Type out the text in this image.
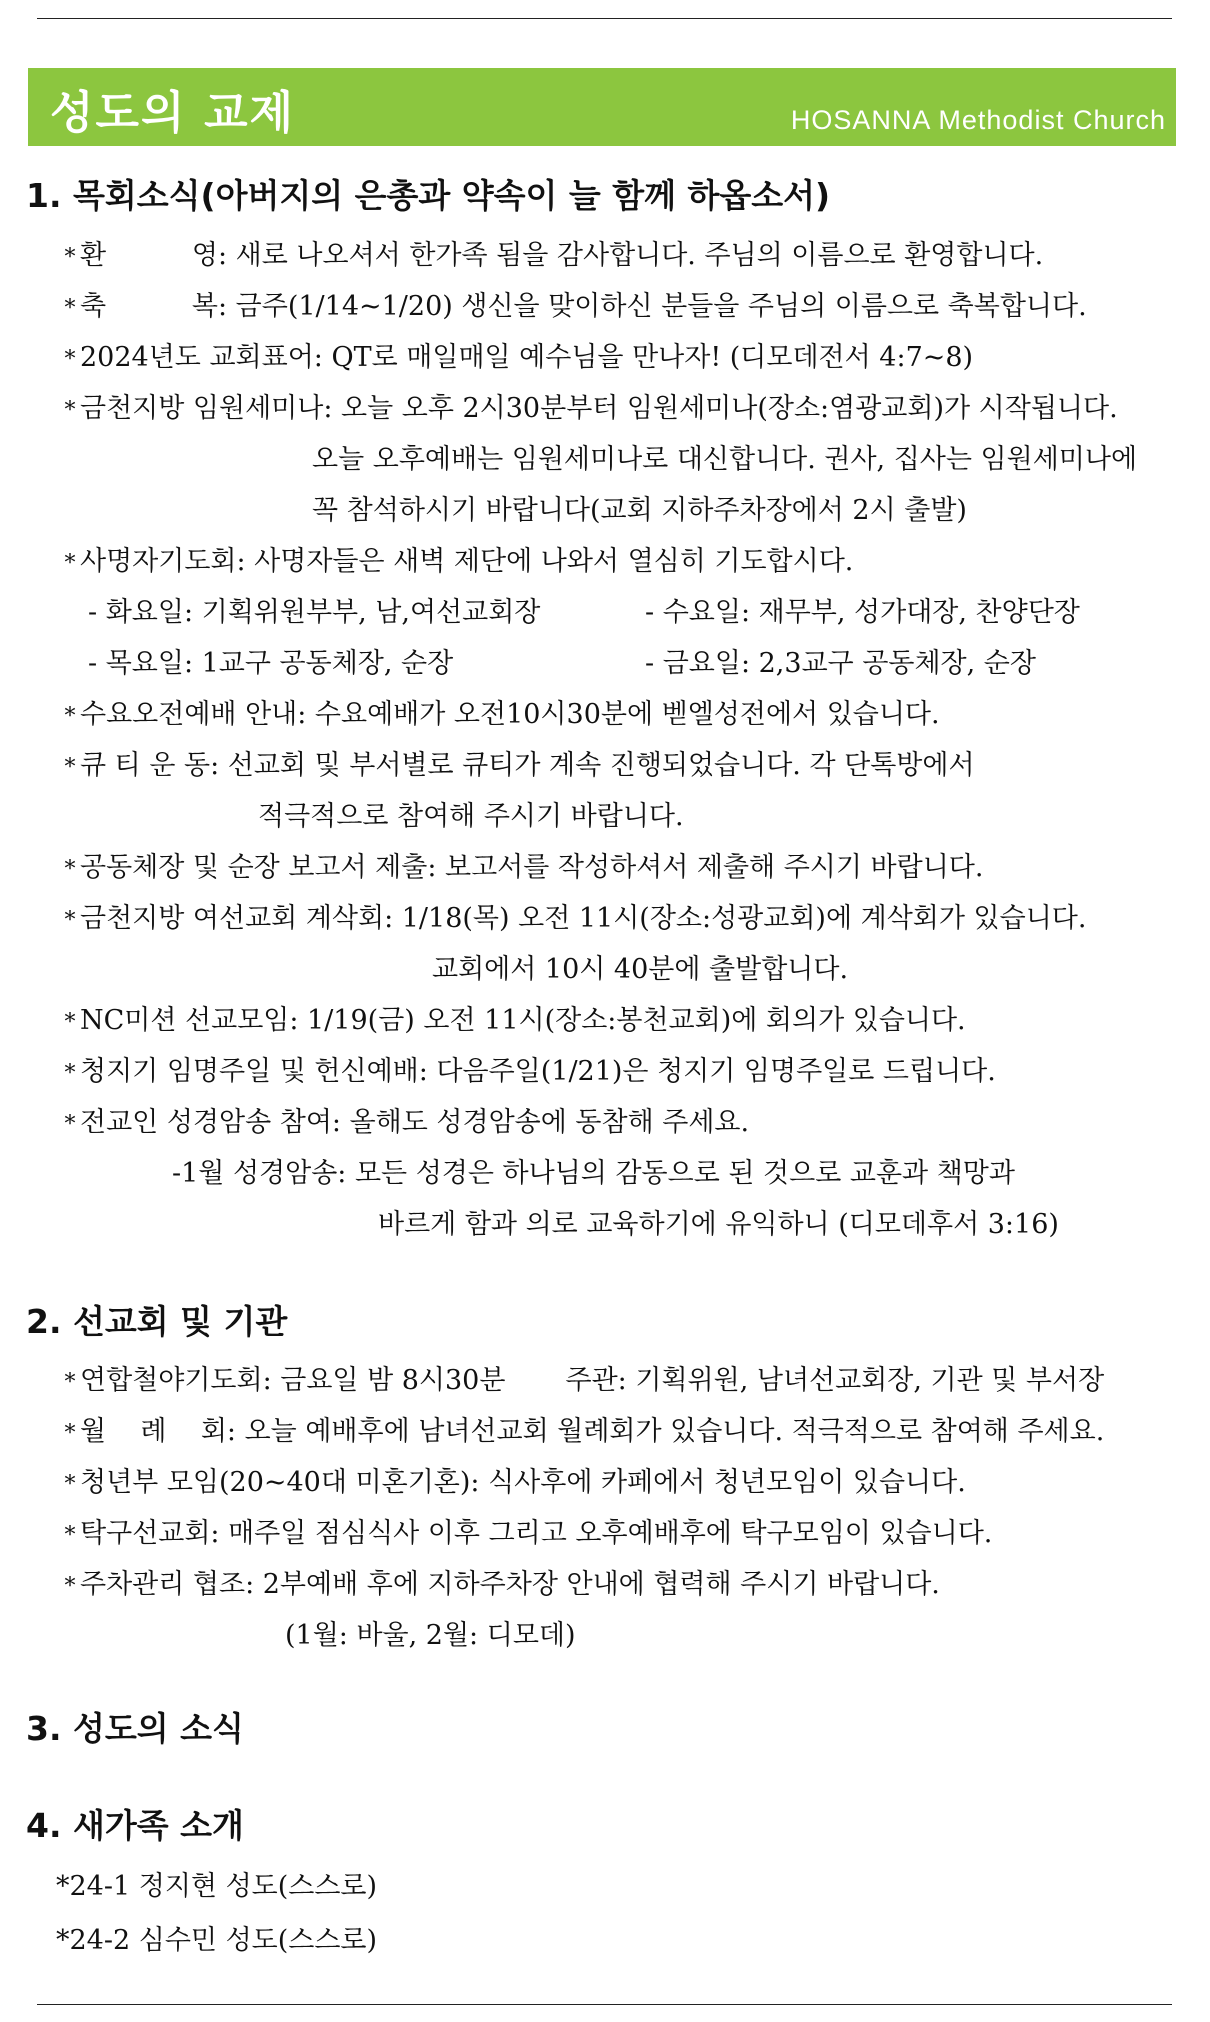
성도의 교제	HOSANNA Methodist Church
1. 목회소식(아버지의 은총과 약속이 늘 함께 하옵소서)
* 환          영: 새로 나오셔서 한가족 됨을 감사합니다. 주님의 이름으로 환영합니다.
* 축          복: 금주(1/14~1/20) 생신을 맞이하신 분들을 주님의 이름으로 축복합니다.
* 2024년도 교회표어: QT로 매일매일 예수님을 만나자! (디모데전서 4:7~8)
* 금천지방 임원세미나: 오늘 오후 2시30분부터 임원세미나(장소:염광교회)가 시작됩니다.
오늘 오후예배는 임원세미나로 대신합니다. 권사, 집사는 임원세미나에
꼭 참석하시기 바랍니다(교회 지하주차장에서 2시 출발)
* 사명자기도회: 사명자들은 새벽 제단에 나와서 열심히 기도합시다.
- 화요일: 기획위원부부, 남,여선교회장	- 수요일: 재무부, 성가대장, 찬양단장
- 목요일: 1교구 공동체장, 순장	- 금요일: 2,3교구 공동체장, 순장
* 수요오전예배 안내: 수요예배가 오전10시30분에 벧엘성전에서 있습니다.
* 큐 티 운 동: 선교회 및 부서별로 큐티가 계속 진행되었습니다. 각 단톡방에서
적극적으로 참여해 주시기 바랍니다.
* 공동체장 및 순장 보고서 제출: 보고서를 작성하셔서 제출해 주시기 바랍니다.
* 금천지방 여선교회 계삭회: 1/18(목) 오전 11시(장소:성광교회)에 계삭회가 있습니다.
교회에서 10시 40분에 출발합니다.
* NC미션 선교모임: 1/19(금) 오전 11시(장소:봉천교회)에 회의가 있습니다.
* 청지기 임명주일 및 헌신예배: 다음주일(1/21)은 청지기 임명주일로 드립니다.
* 전교인 성경암송 참여: 올해도 성경암송에 동참해 주세요.
-1월 성경암송: 모든 성경은 하나님의 감동으로 된 것으로 교훈과 책망과
바르게 함과 의로 교육하기에 유익하니 (디모데후서 3:16)
2. 선교회 및 기관
* 연합철야기도회: 금요일 밤 8시30분       주관: 기획위원, 남녀선교회장, 기관 및 부서장
* 월    례    회: 오늘 예배후에 남녀선교회 월례회가 있습니다. 적극적으로 참여해 주세요.
* 청년부 모임(20~40대 미혼기혼): 식사후에 카페에서 청년모임이 있습니다.
* 탁구선교회: 매주일 점심식사 이후 그리고 오후예배후에 탁구모임이 있습니다.
* 주차관리 협조: 2부예배 후에 지하주차장 안내에 협력해 주시기 바랍니다.
(1월: 바울, 2월: 디모데)
3. 성도의 소식
4. 새가족 소개
*24-1 정지현 성도(스스로)
*24-2 심수민 성도(스스로)
